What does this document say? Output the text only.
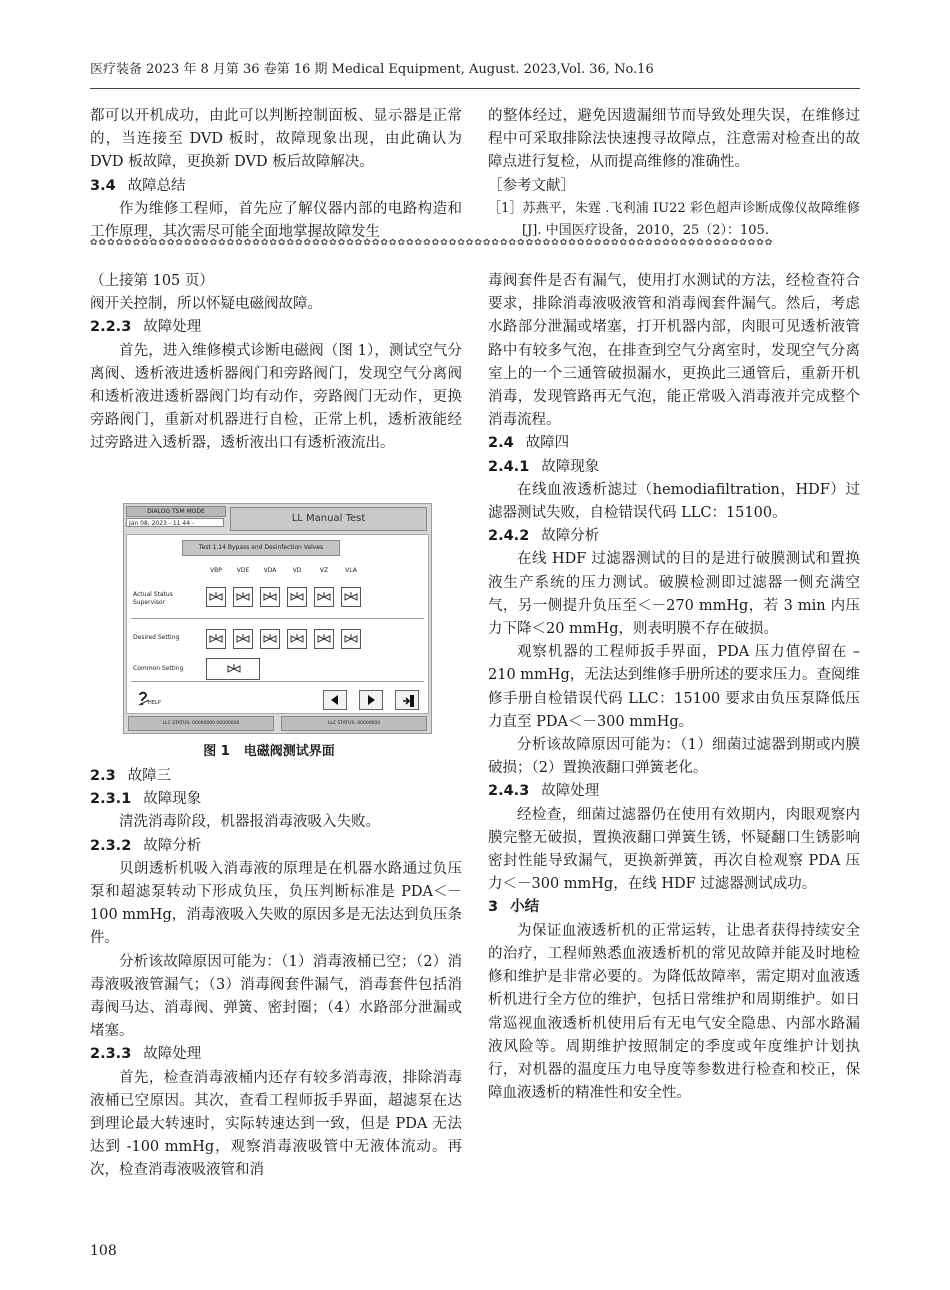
医疗装备 2023 年 8 月第 36 卷第 16 期 Medical Equipment, August. 2023,Vol. 36, No.16

都可以开机成功，由此可以判断控制面板、显示器是正常的，当连接至 DVD 板时，故障现象出现，由此确认为 DVD 板故障，更换新 DVD 板后故障解决。

3.4 故障总结

作为维修工程师，首先应了解仪器内部的电路构造和工作原理，其次需尽可能全面地掌握故障发生

的整体经过，避免因遗漏细节而导致处理失误，在维修过程中可采取排除法快速搜寻故障点，注意需对检查出的故障点进行复检，从而提高维修的准确性。

［参考文献］

［1］苏燕平，朱霆 .飞利浦 IU22 彩色超声诊断成像仪故障维修 [J]. 中国医疗设备，2010，25（2）：105.

✿✿✿✿✿✿✿✿✿✿✿✿✿✿✿✿✿✿✿✿✿✿✿✿✿✿✿✿✿✿✿✿✿✿✿✿✿✿✿✿✿✿✿✿✿✿✿✿✿✿✿✿✿✿✿✿✿✿✿✿✿✿✿✿✿✿✿✿✿✿✿✿✿✿✿✿✿✿✿✿

（上接第 105 页）

阀开关控制，所以怀疑电磁阀故障。

2.2.3 故障处理

首先，进入维修模式诊断电磁阀（图 1），测试空气分离阀、透析液进透析器阀门和旁路阀门，发现空气分离阀和透析液进透析器阀门均有动作，旁路阀门无动作，更换旁路阀门，重新对机器进行自检，正常上机，透析液能经过旁路进入透析器，透析液出口有透析液流出。

DIALOG TSM MODE
Jan 08, 2023 - 11 44 -	LL Manual Test
Test 1.14 Bypass and Desinfection Valves
VBP	VDE	VDA	VD	VZ	VLA
Actual Status
Supervisor
Desired Setting
Common Setting
HELP
LLC STATUS: 00000000 00000000	LLC STATUS: 00000000
图 1 电磁阀测试界面

2.3 故障三

2.3.1 故障现象

清洗消毒阶段，机器报消毒液吸入失败。

2.3.2 故障分析

贝朗透析机吸入消毒液的原理是在机器水路通过负压泵和超滤泵转动下形成负压，负压判断标准是 PDA＜－100 mmHg，消毒液吸入失败的原因多是无法达到负压条件。

分析该故障原因可能为：（1）消毒液桶已空；（2）消毒液吸液管漏气；（3）消毒阀套件漏气，消毒套件包括消毒阀马达、消毒阀、弹簧、密封圈；（4）水路部分泄漏或堵塞。

2.3.3 故障处理

首先，检查消毒液桶内还存有较多消毒液，排除消毒液桶已空原因。其次，查看工程师扳手界面，超滤泵在达到理论最大转速时，实际转速达到一致，但是 PDA 无法达到 -100 mmHg，观察消毒液吸管中无液体流动。再次，检查消毒液吸液管和消

毒阀套件是否有漏气，使用打水测试的方法，经检查符合要求，排除消毒液吸液管和消毒阀套件漏气。然后，考虑水路部分泄漏或堵塞，打开机器内部，肉眼可见透析液管路中有较多气泡，在排查到空气分离室时，发现空气分离室上的一个三通管破损漏水，更换此三通管后，重新开机消毒，发现管路再无气泡，能正常吸入消毒液并完成整个消毒流程。

2.4 故障四

2.4.1 故障现象

在线血液透析滤过（hemodiafiltration，HDF）过滤器测试失败，自检错误代码 LLC：15100。

2.4.2 故障分析

在线 HDF 过滤器测试的目的是进行破膜测试和置换液生产系统的压力测试。破膜检测即过滤器一侧充满空气，另一侧提升负压至＜－270 mmHg，若 3 min 内压力下降＜20 mmHg，则表明膜不存在破损。

观察机器的工程师扳手界面，PDA 压力值停留在 –210 mmHg，无法达到维修手册所述的要求压力。查阅维修手册自检错误代码 LLC：15100 要求由负压泵降低压力直至 PDA＜－300 mmHg。

分析该故障原因可能为：（1）细菌过滤器到期或内膜破损；（2）置换液翻口弹簧老化。

2.4.3 故障处理

经检查，细菌过滤器仍在使用有效期内，肉眼观察内膜完整无破损，置换液翻口弹簧生锈，怀疑翻口生锈影响密封性能导致漏气，更换新弹簧，再次自检观察 PDA 压力＜－300 mmHg，在线 HDF 过滤器测试成功。

3 小结

为保证血液透析机的正常运转，让患者获得持续安全的治疗，工程师熟悉血液透析机的常见故障并能及时地检修和维护是非常必要的。为降低故障率，需定期对血液透析机进行全方位的维护，包括日常维护和周期维护。如日常巡视血液透析机使用后有无电气安全隐患、内部水路漏液风险等。周期维护按照制定的季度或年度维护计划执行，对机器的温度压力电导度等参数进行检查和校正，保障血液透析的精准性和安全性。

108
